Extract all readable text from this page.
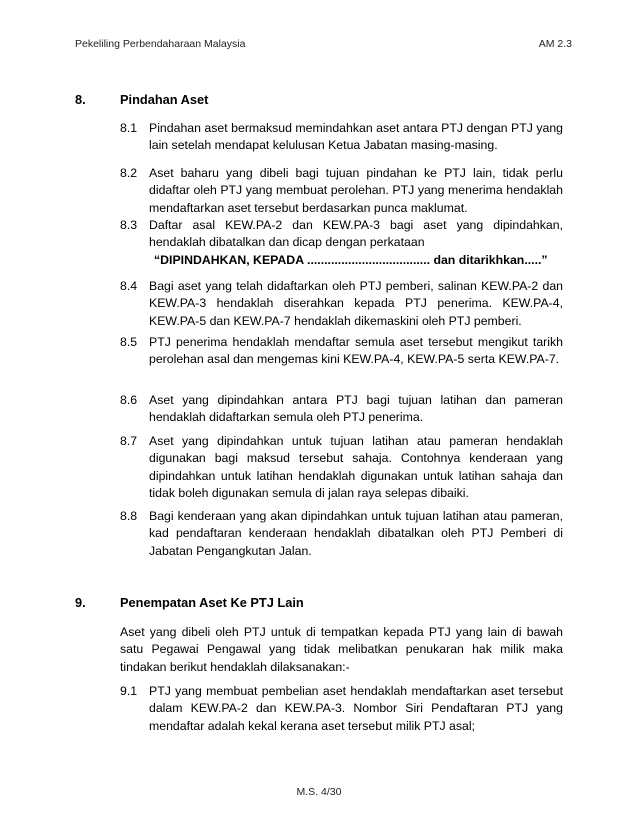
Pekeliling Perbendaharaan Malaysia	AM 2.3
8.	Pindahan Aset
8.1 Pindahan aset bermaksud memindahkan aset antara PTJ dengan PTJ yang lain setelah mendapat kelulusan Ketua Jabatan masing-masing.
8.2 Aset baharu yang dibeli bagi tujuan pindahan ke PTJ lain, tidak perlu didaftar oleh PTJ yang membuat perolehan. PTJ yang menerima hendaklah mendaftarkan aset tersebut berdasarkan punca maklumat.
8.3 Daftar asal KEW.PA-2 dan KEW.PA-3 bagi aset yang dipindahkan, hendaklah dibatalkan dan dicap dengan perkataan
“DIPINDAHKAN, KEPADA .................................... dan ditarikhkan.....”
8.4 Bagi aset yang telah didaftarkan oleh PTJ pemberi, salinan KEW.PA-2 dan KEW.PA-3 hendaklah diserahkan kepada PTJ penerima. KEW.PA-4, KEW.PA-5 dan KEW.PA-7 hendaklah dikemaskini oleh PTJ pemberi.
8.5 PTJ penerima hendaklah mendaftar semula aset tersebut mengikut tarikh perolehan asal dan mengemas kini KEW.PA-4, KEW.PA-5 serta KEW.PA-7.
8.6 Aset yang dipindahkan antara PTJ bagi tujuan latihan dan pameran hendaklah didaftarkan semula oleh PTJ penerima.
8.7 Aset yang dipindahkan untuk tujuan latihan atau pameran hendaklah digunakan bagi maksud tersebut sahaja. Contohnya kenderaan yang dipindahkan untuk latihan hendaklah digunakan untuk latihan sahaja dan tidak boleh digunakan semula di jalan raya selepas dibaiki.
8.8 Bagi kenderaan yang akan dipindahkan untuk tujuan latihan atau pameran, kad pendaftaran kenderaan hendaklah dibatalkan oleh PTJ Pemberi di Jabatan Pengangkutan Jalan.
9.	Penempatan Aset Ke PTJ Lain
Aset yang dibeli oleh PTJ untuk di tempatkan kepada PTJ yang lain di bawah satu Pegawai Pengawal yang tidak melibatkan penukaran hak milik maka tindakan berikut hendaklah dilaksanakan:-
9.1 PTJ yang membuat pembelian aset hendaklah mendaftarkan aset tersebut dalam KEW.PA-2 dan KEW.PA-3. Nombor Siri Pendaftaran PTJ yang mendaftar adalah kekal kerana aset tersebut milik PTJ asal;
M.S. 4/30
